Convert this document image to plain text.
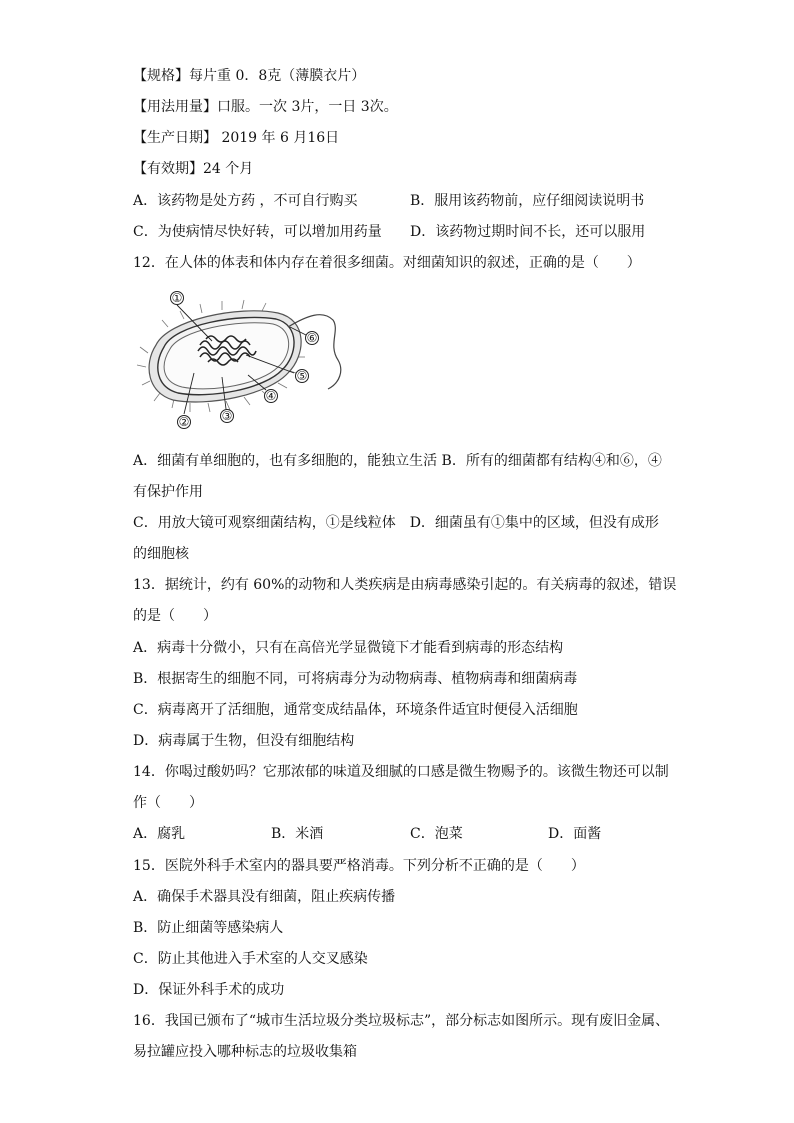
【规格】每片重 0．8克（薄膜衣片）
【用法用量】口服。一次 3片，一日 3次。
【生产日期】 2019 年 6 月16日
【有效期】24 个月
A．该药物是处方药 ，不可自行购买	B．服用该药物前，应仔细阅读说明书
C．为使病情尽快好转，可以增加用药量 D．该药物过期时间不长，还可以服用
12．在人体的体表和体内存在着很多细菌。对细菌知识的叙述，正确的是（　　）
①
②	③
④
⑤
⑥
A．细菌有单细胞的，也有多细胞的，能独立生活 B．所有的细菌都有结构④和⑥，④
有保护作用
C．用放大镜可观察细菌结构，①是线粒体　D．细菌虽有①集中的区域，但没有成形
的细胞核
13．据统计，约有 60%的动物和人类疾病是由病毒感染引起的。有关病毒的叙述，错误
的是（　　）
A．病毒十分微小，只有在高倍光学显微镜下才能看到病毒的形态结构
B．根据寄生的细胞不同，可将病毒分为动物病毒、植物病毒和细菌病毒
C．病毒离开了活细胞，通常变成结晶体，环境条件适宜时便侵入活细胞
D．病毒属于生物，但没有细胞结构
14．你喝过酸奶吗？它那浓郁的味道及细腻的口感是微生物赐予的。该微生物还可以制
作（　　）
A．腐乳	B．米酒	C．泡菜	D．面酱
15．医院外科手术室内的器具要严格消毒。下列分析不正确的是（　　）
A．确保手术器具没有细菌，阻止疾病传播
B．防止细菌等感染病人
C．防止其他进入手术室的人交叉感染
D．保证外科手术的成功
16．我国已颁布了“城市生活垃圾分类垃圾标志”，部分标志如图所示。现有废旧金属、
易拉罐应投入哪种标志的垃圾收集箱
